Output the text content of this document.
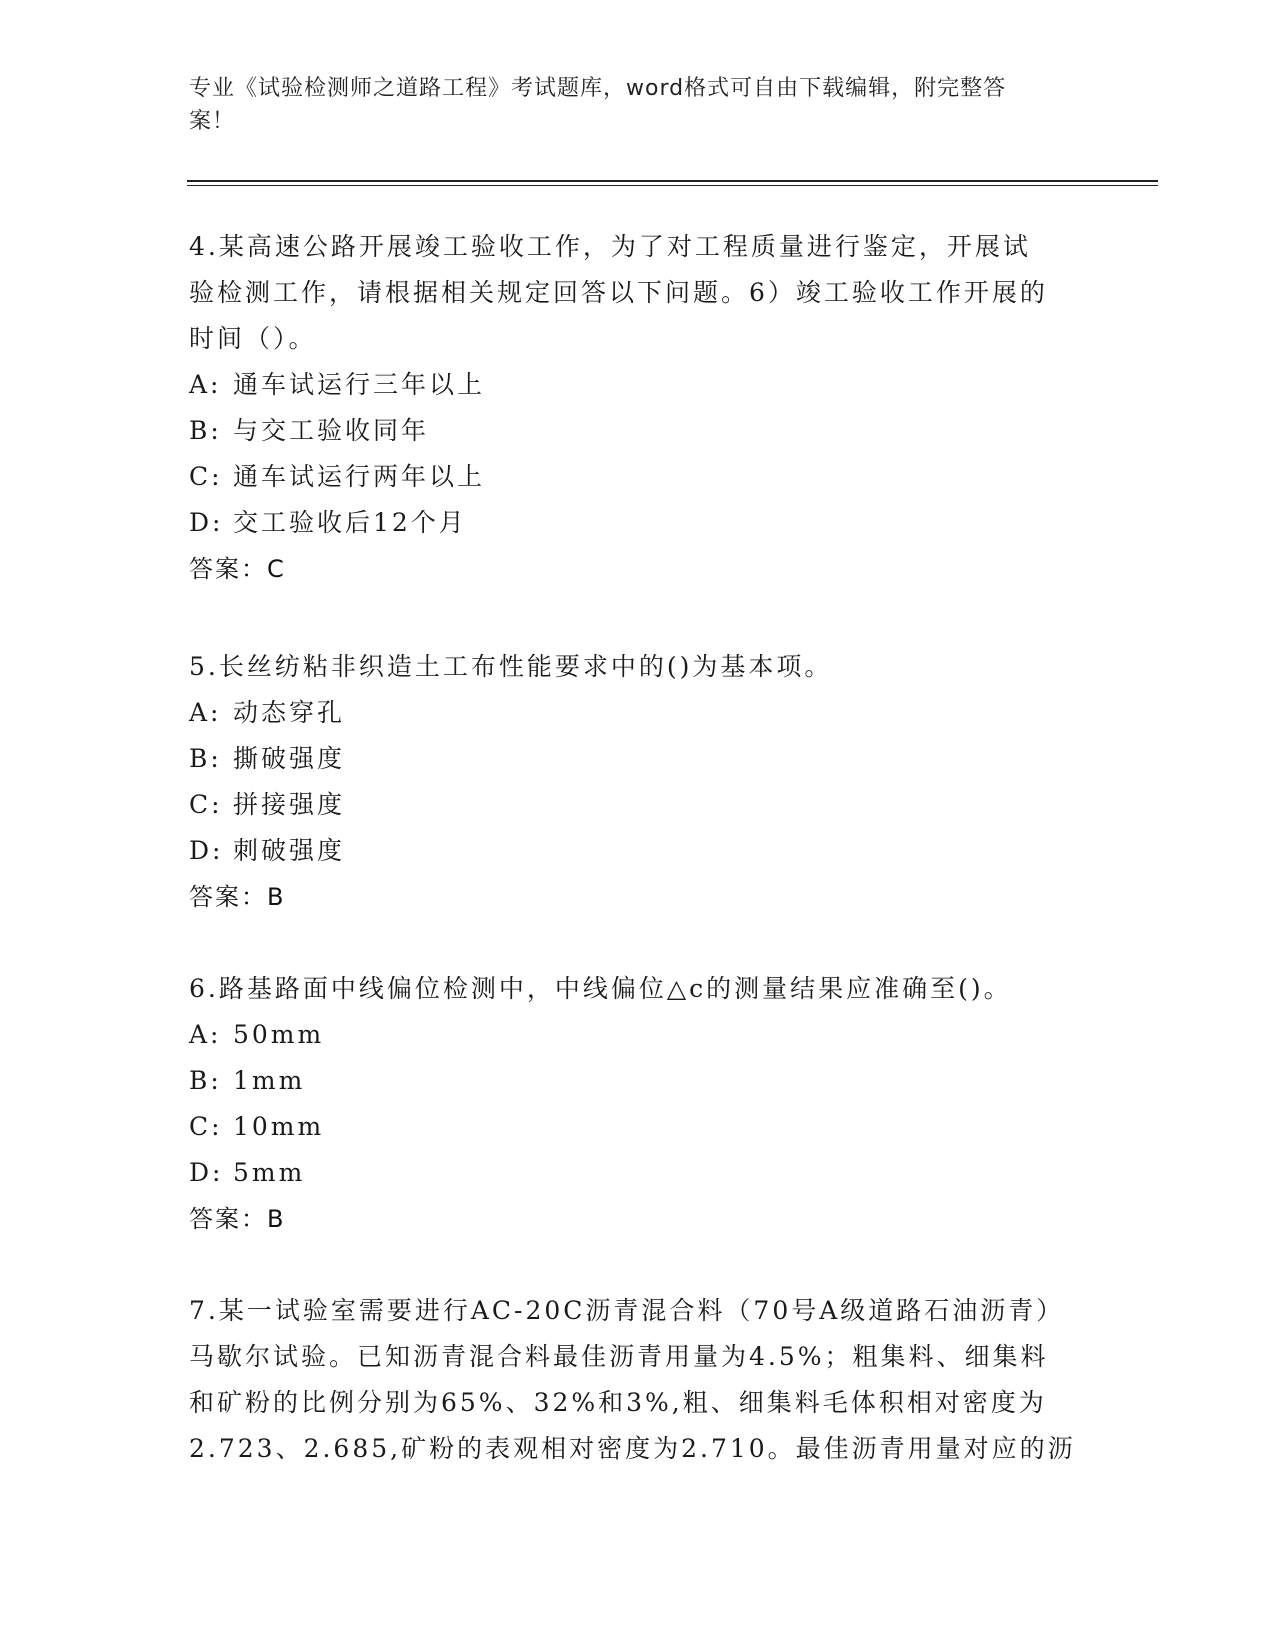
专业《试验检测师之道路工程》考试题库，word格式可自由下载编辑，附完整答
案！

4.某高速公路开展竣工验收工作，为了对工程质量进行鉴定，开展试

验检测工作，请根据相关规定回答以下问题。6）竣工验收工作开展的

时间（）。

A: 通车试运行三年以上

B: 与交工验收同年

C: 通车试运行两年以上

D: 交工验收后12个月

答案：C

5.长丝纺粘非织造土工布性能要求中的()为基本项。

A: 动态穿孔

B: 撕破强度

C: 拼接强度

D: 刺破强度

答案：B

6.路基路面中线偏位检测中，中线偏位△c的测量结果应准确至()。

A: 50mm

B: 1mm

C: 10mm

D: 5mm

答案：B

7.某一试验室需要进行AC-20C沥青混合料（70号A级道路石油沥青）

马歇尔试验。已知沥青混合料最佳沥青用量为4.5%；粗集料、细集料

和矿粉的比例分别为65%、32%和3%,粗、细集料毛体积相对密度为

2.723、2.685,矿粉的表观相对密度为2.710。最佳沥青用量对应的沥
